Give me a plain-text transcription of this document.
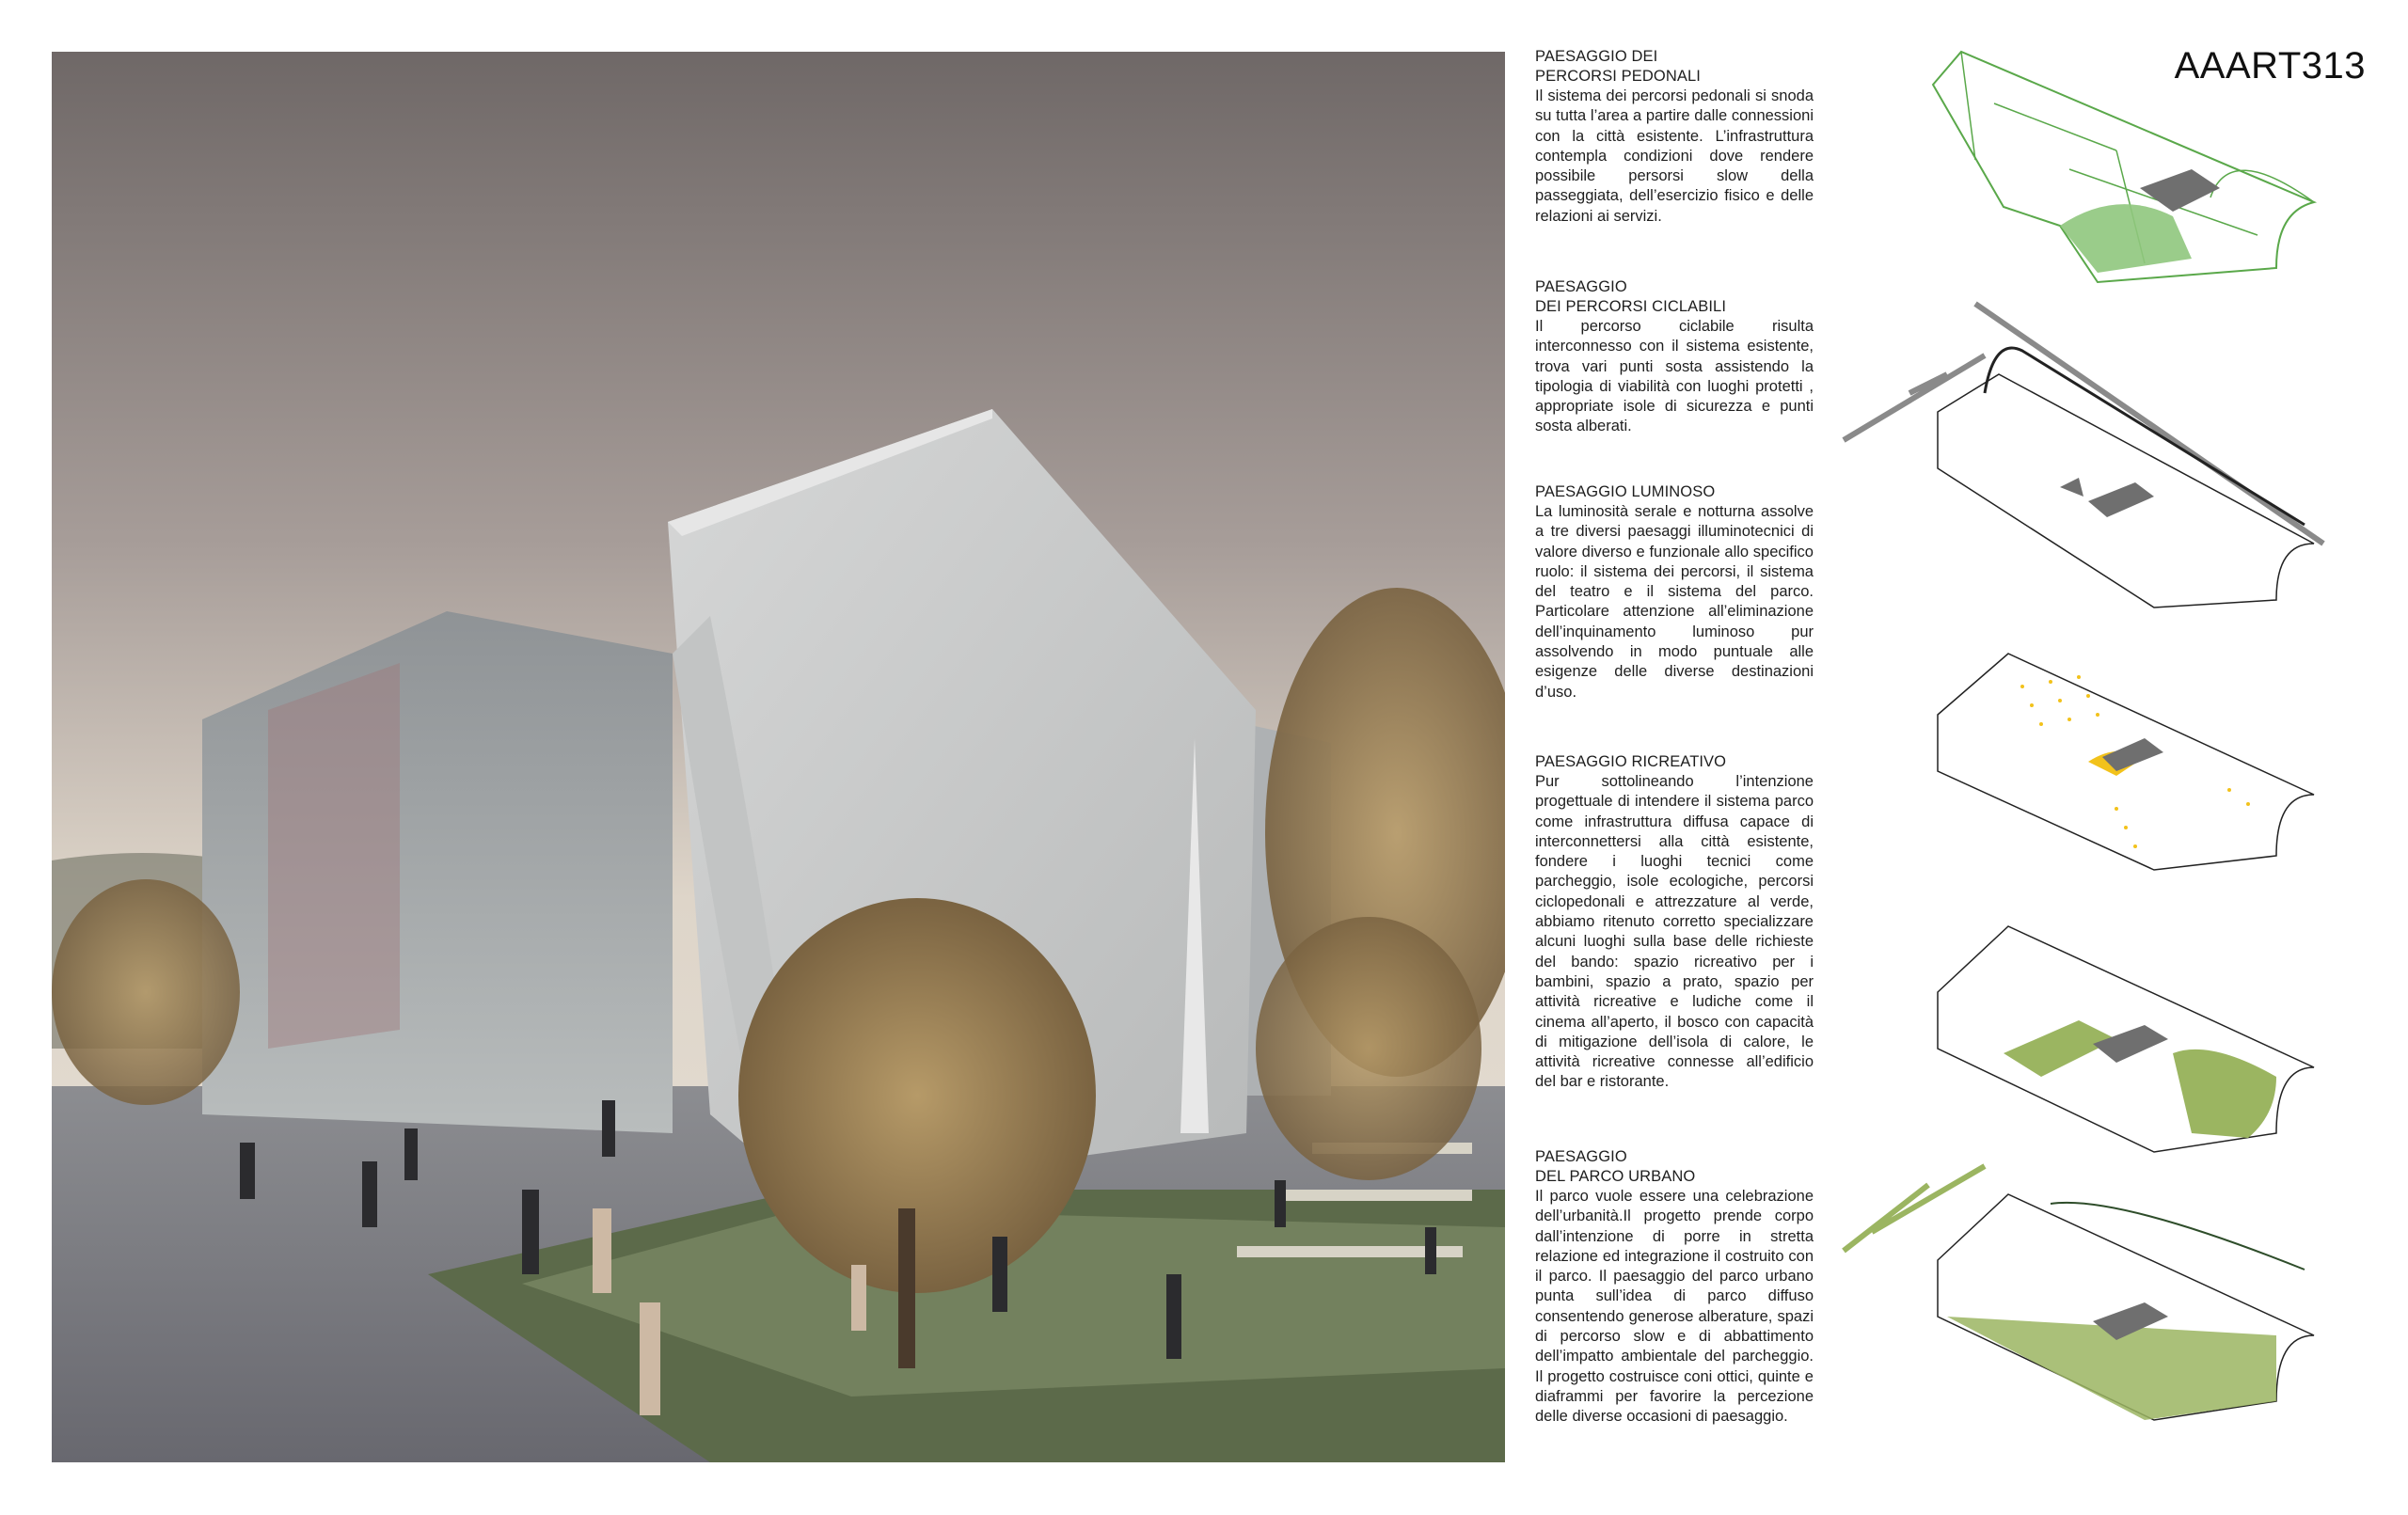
PAESAGGIO DEI
PERCORSI PEDONALI

Il sistema dei percorsi pedonali si snoda su tutta l’area a partire dalle connessioni con la città esistente. L’infrastruttura contempla condizioni dove rendere possibile persorsi slow della passeggiata, dell’esercizio fisico e delle relazioni ai servizi.

PAESAGGIO
DEI PERCORSI CICLABILI

Il percorso ciclabile risulta interconnesso con il sistema esistente, trova vari punti sosta assistendo la tipologia di viabilità con luoghi protetti , appropriate isole di sicurezza e punti sosta alberati.

PAESAGGIO LUMINOSO

La luminosità serale e notturna assolve a tre diversi paesaggi illuminotecnici di valore diverso e funzionale allo specifico ruolo: il sistema dei percorsi, il sistema del teatro e il sistema del parco. Particolare attenzione all’eliminazione dell’inquinamento luminoso pur assolvendo in modo puntuale alle esigenze delle diverse destinazioni d’uso.

PAESAGGIO RICREATIVO

Pur sottolineando l’intenzione progettuale di intendere il sistema parco come infrastruttura diffusa capace di interconnettersi alla città esistente, fondere i luoghi tecnici come parcheggio, isole ecologiche, percorsi ciclopedonali e attrezzature al verde, abbiamo ritenuto corretto specializzare alcuni luoghi sulla base delle richieste del bando: spazio ricreativo per i bambini, spazio a prato, spazio per attività ricreative e ludiche come il cinema all’aperto, il bosco con capacità di mitigazione dell’isola di calore, le attività ricreative connesse all’edificio del bar e ristorante.

PAESAGGIO
DEL PARCO URBANO

Il parco vuole essere una celebrazione dell’urbanità.Il progetto prende corpo dall’intenzione di porre in stretta relazione ed integrazione il costruito con il parco. Il paesaggio del parco urbano punta sull’idea di parco diffuso consentendo generose alberature, spazi di percorso slow e di abbattimento dell’impatto ambientale del parcheggio. Il progetto costruisce coni ottici, quinte e diaframmi per favorire la percezione delle diverse occasioni di paesaggio.

AAART313
